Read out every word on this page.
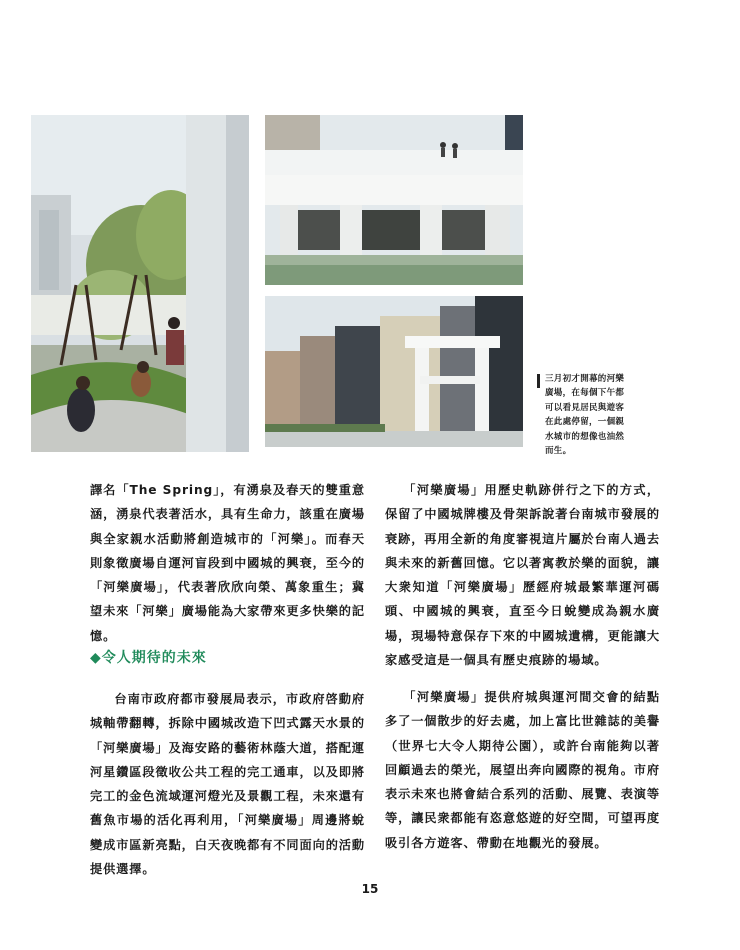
三月初才開幕的河樂

廣場，在每個下午都

可以看見居民與遊客

在此處停留，一個親

水城市的想像也油然

而生。

譯名「The Spring」，有湧泉及春天的雙重意涵，湧泉代表著活水，具有生命力，該重在廣場與全家親水活動將創造城市的「河樂」。而春天則象徵廣場自運河盲段到中國城的興衰，至今的「河樂廣場」，代表著欣欣向榮、萬象重生；冀望未來「河樂」廣場能為大家帶來更多快樂的記憶。

◆令人期待的未來

台南市政府都市發展局表示，市政府啓動府城軸帶翻轉，拆除中國城改造下凹式露天水景的「河樂廣場」及海安路的藝術林蔭大道，搭配運河星鑽區段徵收公共工程的完工通車，以及即將完工的金色流域運河燈光及景觀工程，未來還有舊魚市場的活化再利用，「河樂廣場」周邊將蛻變成市區新亮點，白天夜晚都有不同面向的活動提供選擇。

「河樂廣場」用歷史軌跡併行之下的方式，保留了中國城牌樓及骨架訴說著台南城市發展的衰跡，再用全新的角度審視這片屬於台南人過去與未來的新舊回憶。它以著寓教於樂的面貌，讓大衆知道「河樂廣場」歷經府城最繁華運河碼頭、中國城的興衰，直至今日蛻變成為親水廣場，現場特意保存下來的中國城遺構，更能讓大家感受這是一個具有歷史痕跡的場域。

「河樂廣場」提供府城與運河間交會的結點多了一個散步的好去處，加上富比世雜誌的美譽（世界七大令人期待公園），或許台南能夠以著回顧過去的榮光，展望出奔向國際的視角。市府表示未來也將會結合系列的活動、展覽、表演等等，讓民衆都能有恣意悠遊的好空間，可望再度吸引各方遊客、帶動在地觀光的發展。

15
